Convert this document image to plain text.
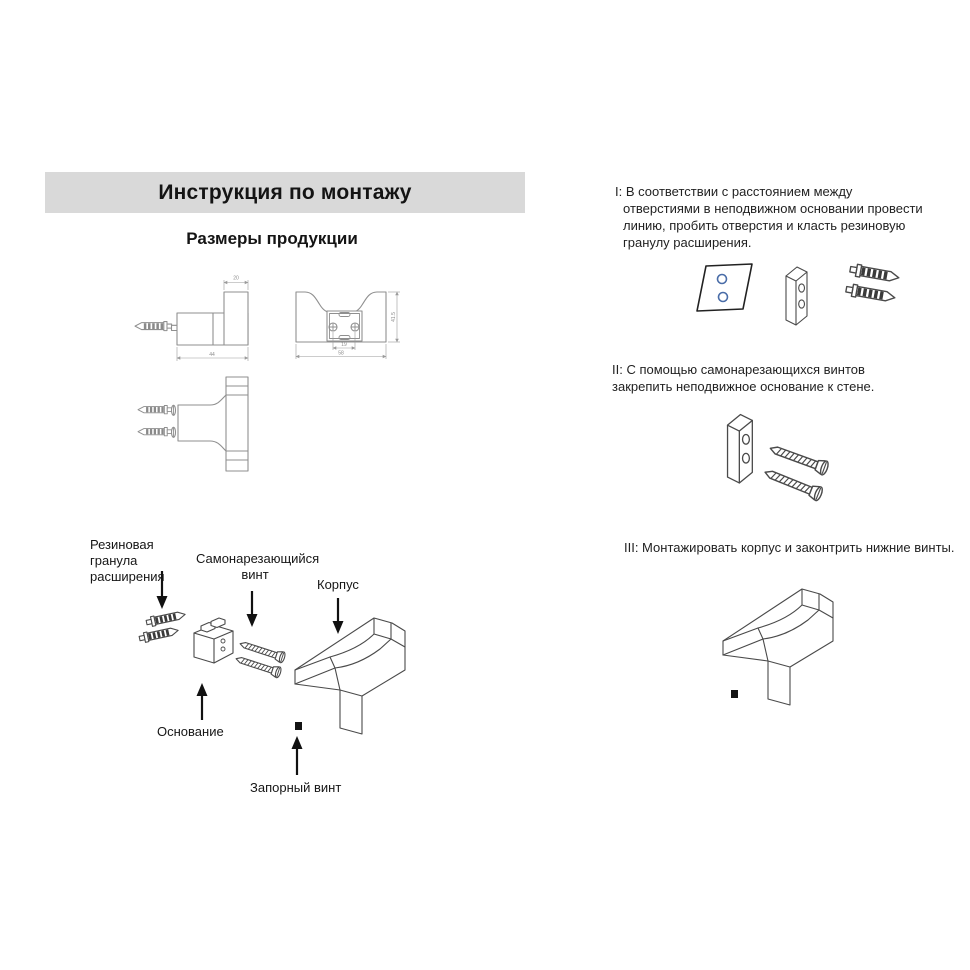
Инструкция по монтажу
Размеры продукции
20
44
41.5
19
58
Резиновая гранула расширения
Самонарезающийся винт
Корпус
Основание
Запорный винт
I: В соответствии с расстоянием между отверстиями в неподвижном основании провести линию, пробить отверстия и класть резиновую гранулу расширения.
II: С помощью самонарезающихся винтов закрепить неподвижное основание к стене.
III: Монтажировать корпус и законтрить нижние винты.
